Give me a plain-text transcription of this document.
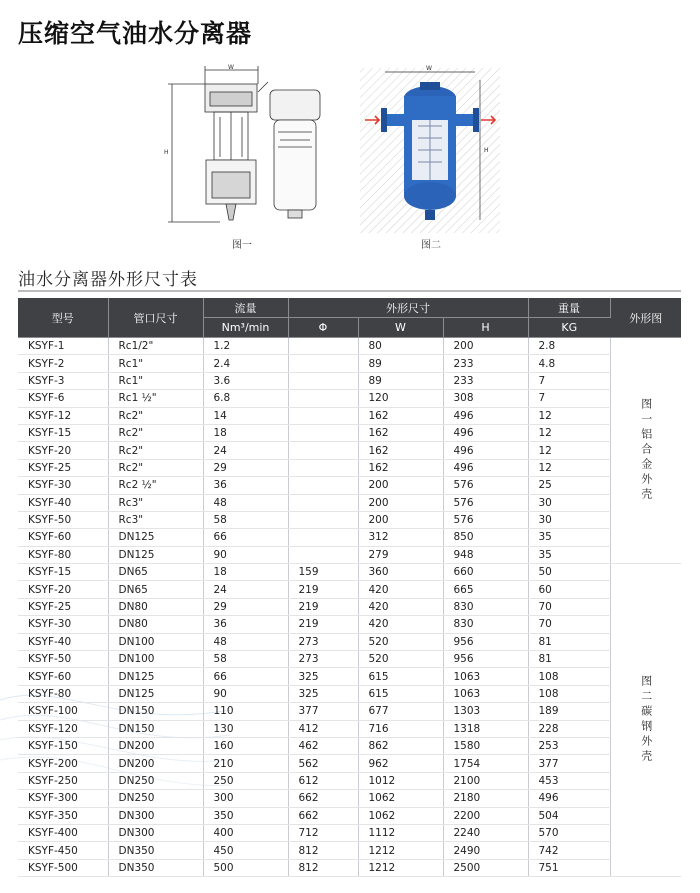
压缩空气油水分离器
W
H
图一
W
H
图二
油水分离器外形尺寸表
型号	管口尺寸	流量	外形尺寸			重量	外形图
		Nm³/min	Φ	W	H	KG	
KSYF-1	Rc1/2"	1.2		80	200	2.8	图一铝合金外壳
KSYF-2	Rc1"	2.4		89	233	4.8	
KSYF-3	Rc1"	3.6		89	233	7	
KSYF-6	Rc1 ½"	6.8		120	308	7	
KSYF-12	Rc2"	14		162	496	12	
KSYF-15	Rc2"	18		162	496	12	
KSYF-20	Rc2"	24		162	496	12	
KSYF-25	Rc2"	29		162	496	12	
KSYF-30	Rc2 ½"	36		200	576	25	
KSYF-40	Rc3"	48		200	576	30	
KSYF-50	Rc3"	58		200	576	30	
KSYF-60	DN125	66		312	850	35	
KSYF-80	DN125	90		279	948	35	
KSYF-15	DN65	18	159	360	660	50	图二碳钢外壳
KSYF-20	DN65	24	219	420	665	60	
KSYF-25	DN80	29	219	420	830	70	
KSYF-30	DN80	36	219	420	830	70	
KSYF-40	DN100	48	273	520	956	81	
KSYF-50	DN100	58	273	520	956	81	
KSYF-60	DN125	66	325	615	1063	108	
KSYF-80	DN125	90	325	615	1063	108	
KSYF-100	DN150	110	377	677	1303	189	
KSYF-120	DN150	130	412	716	1318	228	
KSYF-150	DN200	160	462	862	1580	253	
KSYF-200	DN200	210	562	962	1754	377	
KSYF-250	DN250	250	612	1012	2100	453	
KSYF-300	DN250	300	662	1062	2180	496	
KSYF-350	DN300	350	662	1062	2200	504	
KSYF-400	DN300	400	712	1112	2240	570	
KSYF-450	DN350	450	812	1212	2490	742	
KSYF-500	DN350	500	812	1212	2500	751	
